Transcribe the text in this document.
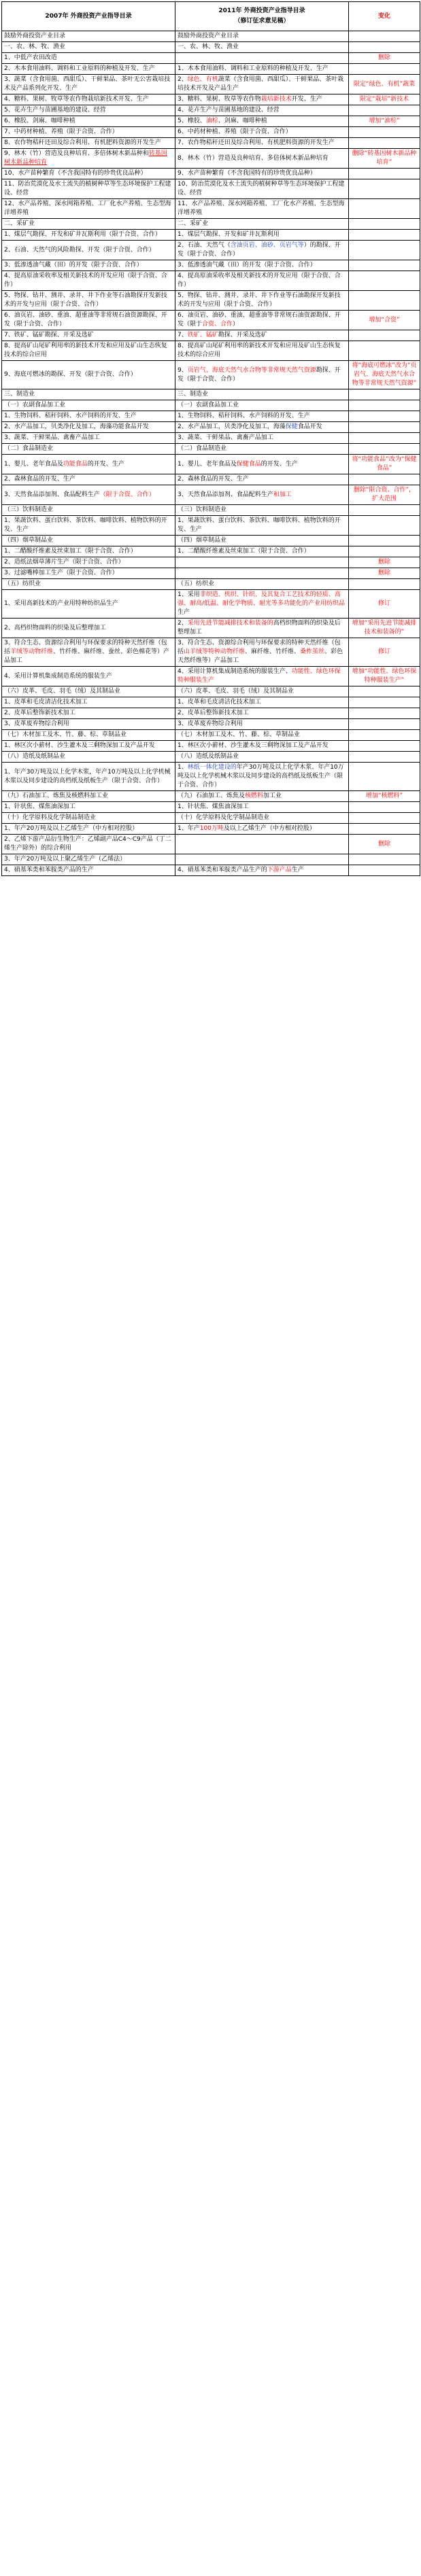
2007年 外商投资产业指导目录	2011年 外商投资产业指导目录
（修订征求意见稿）	变化
鼓励外商投资产业目录	鼓励外商投资产业目录	
一、农、林、牧、渔业	一、农、林、牧、渔业	
1、中低产农田改造		删除
2、木本食用油料、调料和工业原料的种植及开发、生产	1、木本食用油料、调料和工业原料的种植及开发、生产	
3、蔬菜（含食用菌、西甜瓜）、干鲜果品、茶叶无公害栽培技术及产品系列化开发、生产	2、绿色、有机蔬菜（含食用菌、西甜瓜）、干鲜果品、茶叶栽培技术开发及产品生产	限定“绿色、有机”蔬菜
4、糖料、果树、牧草等农作物栽培新技术开发、生产	3、糖料、果树、牧草等农作物栽培新技术开发、生产	限定“栽培”新技术
5、花卉生产与苗圃基地的建设、经营	4、花卉生产与苗圃基地的建设、经营	
6、橡胶、剑麻、咖啡种植	5、橡胶、油棕、剑麻、咖啡种植	增加“油棕”
7、中药材种植、养殖（限于合资、合作）	6、中药材种植、养殖（限于合资、合作）	
8、农作物秸秆还田及综合利用、有机肥料资源的开发生产	7、农作物秸秆还田及综合利用、有机肥料资源的开发生产	
9、林木（竹）营造及良种培育、多倍体树木新品种和转基因树木新品种培育	8、林木（竹）营造及良种培育、多倍体树木新品种培育	删除“转基因树木新品种培育”
10、水产苗种繁育（不含我国特有的珍贵优良品种）	9、水产苗种繁育（不含我国特有的珍贵优良品种）	
11、防治荒漠化及水土流失的植树种草等生态环境保护工程建设、经营	10、防治荒漠化及水土流失的植树种草等生态环境保护工程建设、经营	
12、水产品养殖、深水网箱养殖、工厂化水产养殖、生态型海洋增养殖	11、水产品养殖、深水网箱养殖、工厂化水产养殖、生态型海洋增养殖	
二、采矿业	二、采矿业	
1、煤层气勘探、开发和矿井瓦斯利用（限于合资、合作）	1、煤层气勘探、开发和矿井瓦斯利用	
2、石油、天然气的风险勘探、开发（限于合资、合作）	2、石油、天然气（含油页岩、油砂、页岩气等）的勘探、开发（限于合资、合作）	
3、低渗透油气藏（田）的开发（限于合资、合作）	3、低渗透油气藏（田）的开发（限于合资、合作）	
4、提高原油采收率及相关新技术的开发应用（限于合资、合作）	4、提高原油采收率及相关新技术的开发应用（限于合资、合作）	
5、物探、钻井、测井、录井、井下作业等石油勘探开发新技术的开发与应用（限于合资、合作）	5、物探、钻井、测井、录井、井下作业等石油勘探开发新技术的开发与应用（限于合资、合作）	
6、油页岩、油砂、重油、超重油等非常规石油资源勘探、开发（限于合资、合作）	6、油页岩、油砂、重油、超重油等非常规石油资源勘探、开发（限于合资、合作）	增加“合资”
7、铁矿、锰矿勘探、开采及选矿	7、铁矿、锰矿勘探、开采及选矿	
8、提高矿山尾矿利用率的新技术开发和应用及矿山生态恢复技术的综合应用	8、提高矿山尾矿利用率的新技术开发和应用及矿山生态恢复技术的综合应用	
9、海底可燃冰的勘探、开发（限于合资、合作）	9、页岩气、海底天然气水合物等非常规天然气资源勘探、开发（限于合资、合作）	将“海底可燃冰”改为“页岩气、海底天然气水合物等非常规天然气资源”
三、制造业	三、制造业	
（一）农副食品加工业	（一）农副食品加工业	
1、生物饲料、秸秆饲料、水产饲料的开发、生产	1、生物饲料、秸秆饲料、水产饲料的开发、生产	
2、水产品加工，贝类净化及加工，海藻功能食品开发	2、水产品加工，贝类净化及加工，海藻保健食品开发	
3、蔬菜、干鲜果品、禽畜产品加工	3、蔬菜、干鲜果品、禽畜产品加工	
（二）食品制造业	（二）食品制造业	
1、婴儿、老年食品及功能食品的开发、生产	1、婴儿、老年食品及保健食品的开发、生产	将“功能食品”改为“保健食品”
2、森林食品的开发、生产	2、森林食品的开发、生产	
3、天然食品添加剂、食品配料生产（限于合资、合作）	3、天然食品添加剂、食品配料生产和加工	删除“限合资、合作”，扩大范围
（三）饮料制造业	（三）饮料制造业	
1、果蔬饮料、蛋白饮料、茶饮料、咖啡饮料、植物饮料的开发、生产	1、果蔬饮料、蛋白饮料、茶饮料、咖啡饮料、植物饮料的开发、生产	
（四）烟草制品业	（四）烟草制品业	
1、二醋酸纤维素及丝束加工（限于合资、合作）	1、二醋酸纤维素及丝束加工（限于合资、合作）	
2、造纸法烟草薄片生产（限于合资、合作）		删除
3、过滤嘴棒加工生产（限于合资、合作）		删除
（五）纺织业	（五）纺织业	
1、采用高新技术的产业用特种纺织品生产	1、采用非织造、机织、针织、及其复合工艺技术的轻质、高强、耐高/低温、耐化学物质、耐光等多功能化的产业用纺织品生产	修订
2、高档织物面料的织染及后整理加工	2、采用先进节能减排技术和装备的高档织物面料的织染及后整理加工	增加“采用先进节能减排技术和装备的”
3、符合生态、资源综合利用与环保要求的特种天然纤维（包括羊绒等动物纤维、竹纤维、麻纤维、蚕丝、彩色棉花等）产品加工	3、符合生态、资源综合利用与环保要求的特种天然纤维（包括山羊绒等特种动物纤维、麻纤维、竹纤维、桑柞茧丝、彩色天然纤维等）产品加工	修订
4、采用计算机集成制造系统的服装生产	4、采用计算机集成制造系统的服装生产、功能性、绿色环保特种服装生产	增加“功能性、绿色环保特种服装生产”
（六）皮革、毛皮、羽毛（绒）及其制品业	（六）皮革、毛皮、羽毛（绒）及其制品业	
1、皮革和毛皮清洁化技术加工	1、皮革和毛皮清洁化技术加工	
2、皮革后整饰新技术加工	2、皮革后整饰新技术加工	
3、皮革废弃物综合利用	3、皮革废弃物综合利用	
（七）木材加工及木、竹、藤、棕、草制品业	（七）木材加工及木、竹、藤、棕、草制品业	
1、林区次小薪材、沙生灌木及三剩物深加工及产品开发	1、林区次小薪材、沙生灌木及三剩物深加工及产品开发	
（八）造纸及纸制品业	（八）造纸及纸制品业	
1、年产30万吨及以上化学木浆，年产10万吨及以上化学机械木浆以及同步建设的高档纸及纸板生产（限于合资、合作）	1、林纸一体化建设的年产30万吨及以上化学木浆、年产10万吨及以上化学机械木浆以及同步建设的高档纸及纸板生产（限于合资、合作）	
（九）石油加工、炼焦及核燃料加工业	（九）石油加工、炼焦及核燃料加工业	增加“核燃料”
1、针状焦、煤焦油深加工	1、针状焦、煤焦油深加工	
（十）化学原料及化学制品制造业	（十）化学原料及化学制品制造业	
1、年产20万吨及以上乙烯生产（中方相对控股）	1、年产100万吨及以上乙烯生产（中方相对控股）	
2、乙烯下游产品衍生物生产：乙烯副产品C4～C9产品（丁二烯生产除外）的综合利用		删除
3、年产20万吨及以上聚乙烯生产（乙烯法）		
4、硝基苯类和苯胺类产品的生产	4、硝基苯类和苯胺类产品生产的下游产品生产	
